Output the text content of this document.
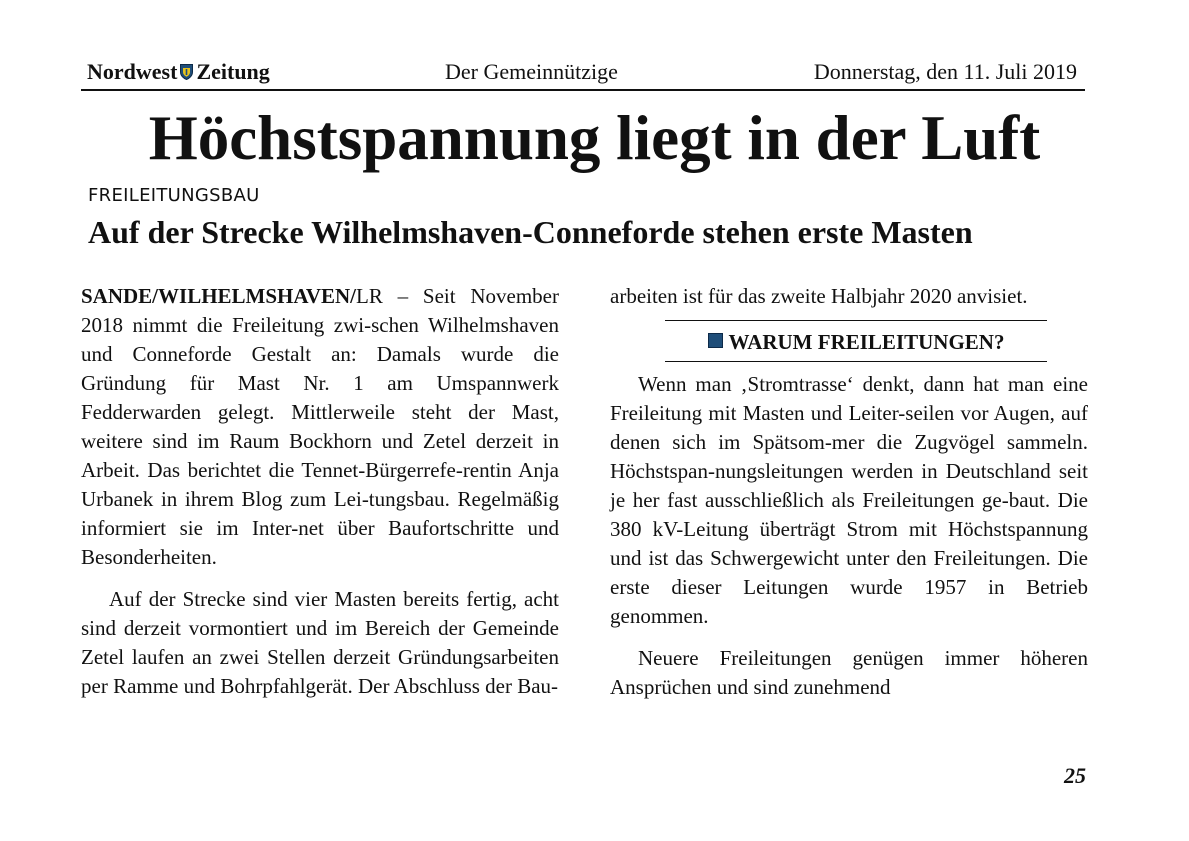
Nordwest Zeitung	Der Gemeinnützige	Donnerstag, den 11. Juli 2019
Höchstspannung liegt in der Luft
FREILEITUNGSBAU
Auf der Strecke Wilhelmshaven-Conneforde stehen erste Masten

SANDE/WILHELMSHAVEN/LR – Seit November 2018 nimmt die Freileitung zwi-schen Wilhelmshaven und Conneforde Gestalt an: Damals wurde die Gründung für Mast Nr. 1 am Umspannwerk Fedderwarden gelegt. Mittlerweile steht der Mast, weitere sind im Raum Bockhorn und Zetel derzeit in Arbeit. Das berichtet die Tennet-Bürgerrefe-rentin Anja Urbanek in ihrem Blog zum Lei-tungsbau. Regelmäßig informiert sie im Inter-net über Baufortschritte und Besonderheiten.

Auf der Strecke sind vier Masten bereits fertig, acht sind derzeit vormontiert und im Bereich der Gemeinde Zetel laufen an zwei Stellen derzeit Gründungsarbeiten per Ramme und Bohrpfahlgerät. Der Abschluss der Bau-

arbeiten ist für das zweite Halbjahr 2020 anvisiet.

WARUM FREILEITUNGEN?

Wenn man ‚Stromtrasse‘ denkt, dann hat man eine Freileitung mit Masten und Leiter-seilen vor Augen, auf denen sich im Spätsom-mer die Zugvögel sammeln. Höchstspan-nungsleitungen werden in Deutschland seit je her fast ausschließlich als Freileitungen ge-baut. Die 380 kV-Leitung überträgt Strom mit Höchstspannung und ist das Schwergewicht unter den Freileitungen. Die erste dieser Leitungen wurde 1957 in Betrieb genommen.

Neuere Freileitungen genügen immer höheren Ansprüchen und sind zunehmend

25
